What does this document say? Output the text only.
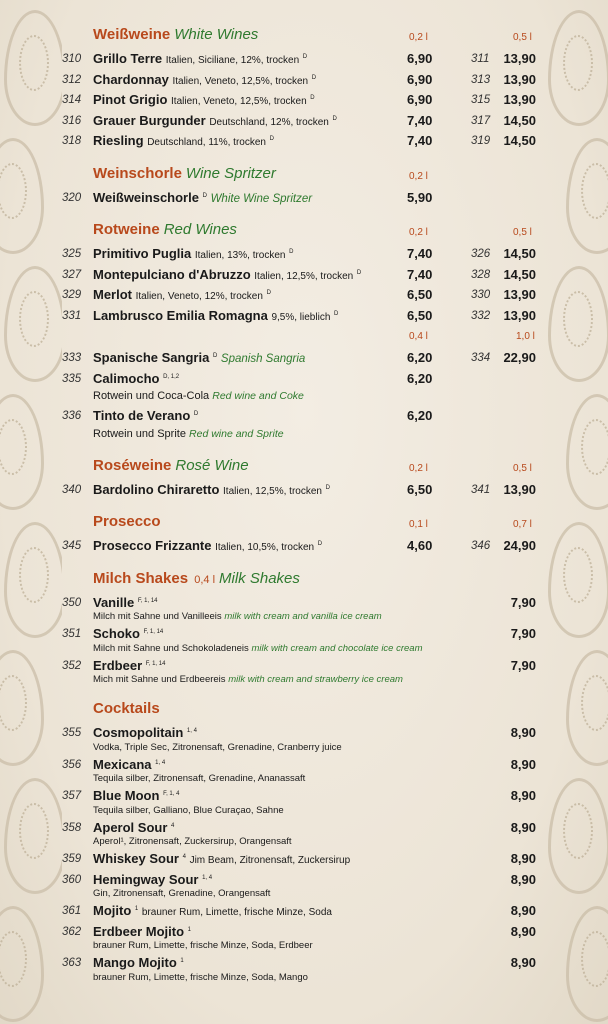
Weißweine White Wines	0,2 l	0,5 l
310 Grillo Terre Italien, Siciliane, 12%, trocken $^D$	6,90	311 13,90
312 Chardonnay Italien, Veneto, 12,5%, trocken $^D$	6,90	313 13,90
314 Pinot Grigio Italien, Veneto, 12,5%, trocken $^D$	6,90	315 13,90
316 Grauer Burgunder Deutschland, 12%, trocken $^D$	7,40	317 14,50
318 Riesling Deutschland, 11%, trocken $^D$	7,40	319 14,50
Weinschorle Wine Spritzer	0,2 l
320 Weißweinschorle $^D$ White Wine Spritzer	5,90
Rotweine Red Wines	0,2 l	0,5 l
325 Primitivo Puglia Italien, 13%, trocken $^D$	7,40	326 14,50
327 Montepulciano d'Abruzzo Italien, 12,5%, trocken $^D$	7,40	328 14,50
329 Merlot Italien, Veneto, 12%, trocken $^D$	6,50	330 13,90
331 Lambrusco Emilia Romagna 9,5%, lieblich $^D$	6,50	332 13,90
0,4 l	1,0 l
333 Spanische Sangria $^D$ Spanish Sangria	6,20	334 22,90
335 Calimocho $^{D, 1,2}$	6,20
Rotwein und Coca-Cola Red wine and Coke
336 Tinto de Verano $^D$	6,20
Rotwein und Sprite Red wine and Sprite
Roséweine Rosé Wine	0,2 l	0,5 l
340 Bardolino Chiraretto Italien, 12,5%, trocken $^D$	6,50	341 13,90
Prosecco	0,1 l	0,7 l
345 Prosecco Frizzante Italien, 10,5%, trocken $^D$	4,60	346 24,90
Milch Shakes 0,4 l Milk Shakes
350 Vanille $^{F, 1, 14}$	7,90
Milch mit Sahne und Vanilleeis milk with cream and vanilla ice cream
351 Schoko $^{F, 1, 14}$	7,90
Milch mit Sahne und Schokoladeneis milk with cream and chocolate ice cream
352 Erdbeer $^{F, 1, 14}$	7,90
Mich mit Sahne und Erdbeereis milk with cream and strawberry ice cream
Cocktails
355 Cosmopolitain $^{1, 4}$	8,90
Vodka, Triple Sec, Zitronensaft, Grenadine, Cranberry juice
356 Mexicana $^{1, 4}$	8,90
Tequila silber, Zitronensaft, Grenadine, Ananassaft
357 Blue Moon $^{F, 1, 4}$	8,90
Tequila silber, Galliano, Blue Curaçao, Sahne
358 Aperol Sour $^4$	8,90
Aperol¹, Zitronensaft, Zuckersirup, Orangensaft
359 Whiskey Sour $^4$ Jim Beam, Zitronensaft, Zuckersirup	8,90
360 Hemingway Sour $^{1, 4}$	8,90
Gin, Zitronensaft, Grenadine, Orangensaft
361 Mojito $^1$ brauner Rum, Limette, frische Minze, Soda	8,90
362 Erdbeer Mojito $^1$	8,90
brauner Rum, Limette, frische Minze, Soda, Erdbeer
363 Mango Mojito $^1$	8,90
brauner Rum, Limette, frische Minze, Soda, Mango
